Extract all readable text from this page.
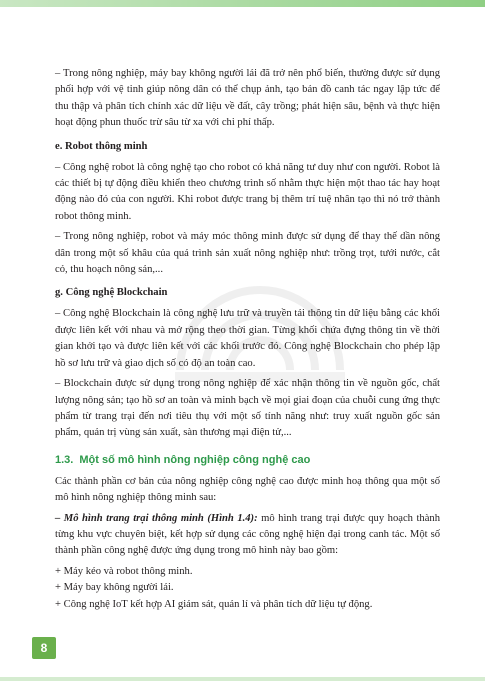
– Trong nông nghiệp, máy bay không người lái đã trở nên phổ biến, thường được sử dụng phối hợp với vệ tinh giúp nông dân có thể chụp ảnh, tạo bản đồ canh tác ngay lập tức để thu thập và phân tích chính xác dữ liệu về đất, cây trồng; phát hiện sâu, bệnh và thực hiện hoạt động phun thuốc trừ sâu từ xa với chi phí thấp.

e. Robot thông minh

– Công nghệ robot là công nghệ tạo cho robot có khả năng tư duy như con người. Robot là các thiết bị tự động điều khiển theo chương trình số nhằm thực hiện một thao tác hay hoạt động nào đó của con người. Khi robot được trang bị thêm trí tuệ nhân tạo thì nó trở thành robot thông minh.

– Trong nông nghiệp, robot và máy móc thông minh được sử dụng để thay thế dần nông dân trong một số khâu của quá trình sản xuất nông nghiệp như: trồng trọt, tưới nước, cắt cỏ, thu hoạch nông sản,...

g. Công nghệ Blockchain

– Công nghệ Blockchain là công nghệ lưu trữ và truyền tải thông tin dữ liệu bằng các khối được liên kết với nhau và mở rộng theo thời gian. Từng khối chứa đựng thông tin về thời gian khởi tạo và được liên kết với các khối trước đó. Công nghệ Blockchain cho phép lập hồ sơ lưu trữ và giao dịch số có độ an toàn cao.

– Blockchain được sử dụng trong nông nghiệp để xác nhận thông tin về nguồn gốc, chất lượng nông sản; tạo hồ sơ an toàn và minh bạch về mọi giai đoạn của chuỗi cung ứng thực phẩm từ trang trại đến nơi tiêu thụ với một số tính năng như: truy xuất nguồn gốc sản phẩm, quản trị vùng sản xuất, sàn thương mại điện tử,...

1.3. Một số mô hình nông nghiệp công nghệ cao

Các thành phần cơ bản của nông nghiệp công nghệ cao được minh hoạ thông qua một số mô hình nông nghiệp thông minh sau:

– Mô hình trang trại thông minh (Hình 1.4): mô hình trang trại được quy hoạch thành từng khu vực chuyên biệt, kết hợp sử dụng các công nghệ hiện đại trong canh tác. Một số thành phần công nghệ được ứng dụng trong mô hình này bao gồm:

+ Máy kéo và robot thông minh.

+ Máy bay không người lái.

+ Công nghệ IoT kết hợp AI giám sát, quản lí và phân tích dữ liệu tự động.

8
